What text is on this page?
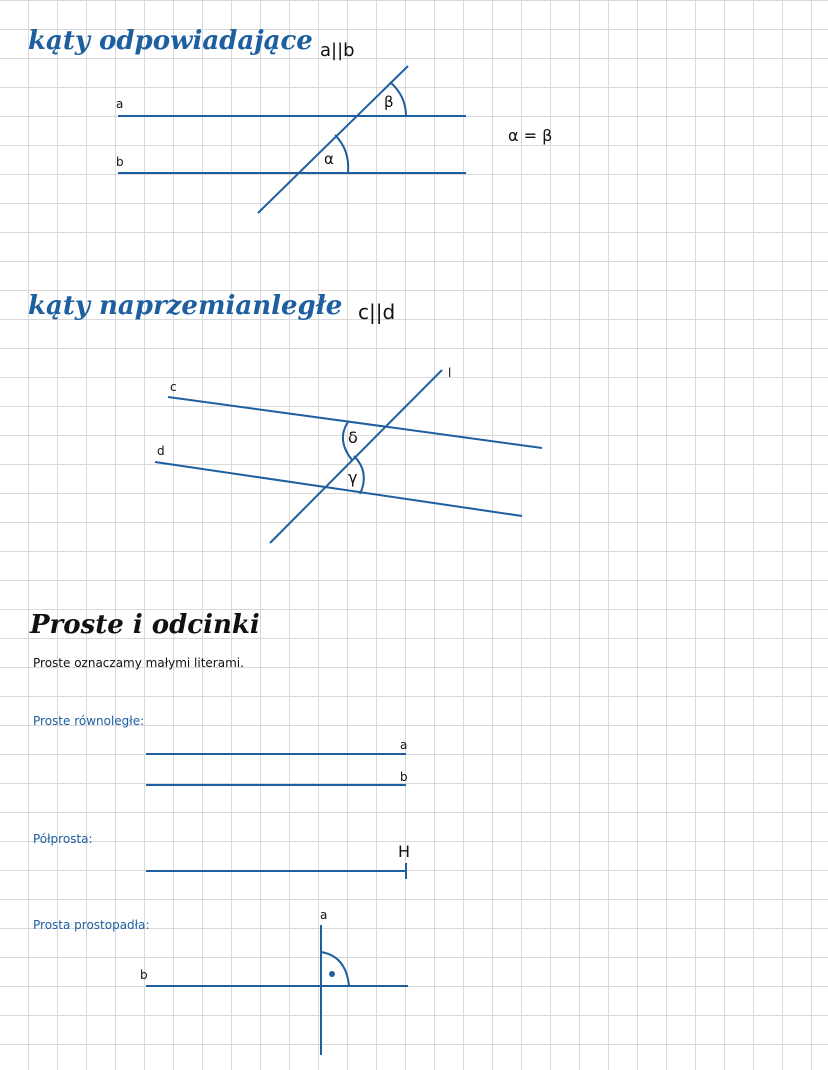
kąty odpowiadające a||b
a
b
β
α
α = β
kąty naprzemianległe c||d
c
d
l
δ
γ
Proste i odcinki
Proste oznaczamy małymi literami.
Proste równoległe:
Półprosta:
Prosta prostopadła:
a
b
H
a
b
